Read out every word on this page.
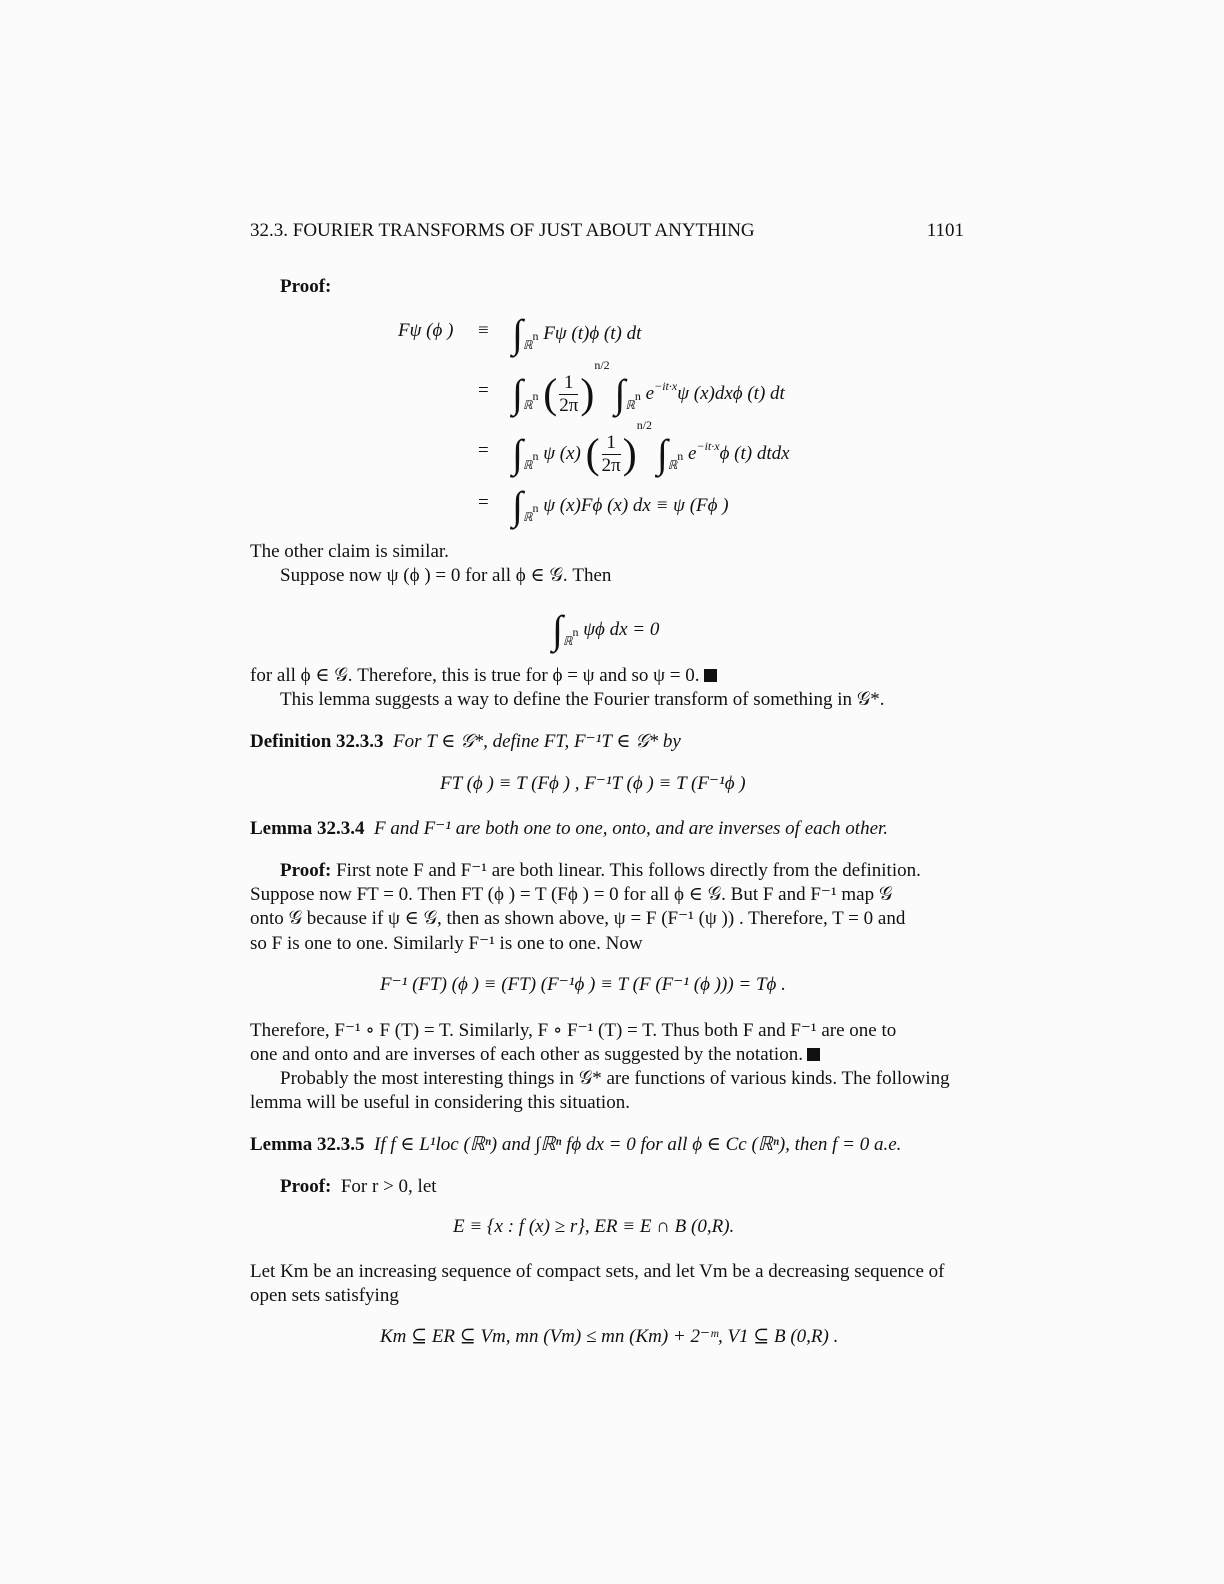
32.3. FOURIER TRANSFORMS OF JUST ABOUT ANYTHING	1101
Proof:
Fψ (ϕ ) ≡ $\int_{ℝn}$ Fψ (t)ϕ (t) dt
= $\int_{ℝn}$ ( $\frac{1}{2\pi} )^{n/2}$ $\int_{ℝn}$ $e^{-it\cdot x}\psi$ (x)dxϕ (t) dt
= $\int_{ℝn}$ ψ (x) ( $\frac{1}{2\pi} )^{n/2}$ $\int_{ℝn}$ $e^{-it\cdot x}\phi$ (t) dtdx
= $\int_{ℝn}$ ψ (x)Fϕ (x) dx ≡ ψ (Fϕ )
The other claim is similar.
Suppose now ψ (ϕ ) = 0 for all ϕ ∈ 𝒢. Then
$\int_{ℝn}$ ψϕ dx = 0
for all ϕ ∈ 𝒢. Therefore, this is true for ϕ = ψ and so ψ = 0.
This lemma suggests a way to define the Fourier transform of something in 𝒢*.
Definition 32.3.3 For T ∈ 𝒢*, define FT, F⁻¹T ∈ 𝒢* by
FT (ϕ ) ≡ T (Fϕ ) , F⁻¹T (ϕ ) ≡ T (F⁻¹ϕ )
Lemma 32.3.4 F and F⁻¹ are both one to one, onto, and are inverses of each other.
Proof: First note F and F⁻¹ are both linear. This follows directly from the definition.
Suppose now FT = 0. Then FT (ϕ ) = T (Fϕ ) = 0 for all ϕ ∈ 𝒢. But F and F⁻¹ map 𝒢
onto 𝒢 because if ψ ∈ 𝒢, then as shown above, ψ = F (F⁻¹ (ψ )) . Therefore, T = 0 and
so F is one to one. Similarly F⁻¹ is one to one. Now
F⁻¹ (FT) (ϕ ) ≡ (FT) (F⁻¹ϕ ) ≡ T (F (F⁻¹ (ϕ ))) = Tϕ .
Therefore, F⁻¹ ∘ F (T) = T. Similarly, F ∘ F⁻¹ (T) = T. Thus both F and F⁻¹ are one to
one and onto and are inverses of each other as suggested by the notation.
Probably the most interesting things in 𝒢* are functions of various kinds. The following
lemma will be useful in considering this situation.
Lemma 32.3.5 If f ∈ L¹loc (ℝⁿ) and ∫ℝⁿ fϕ dx = 0 for all ϕ ∈ Cc (ℝⁿ), then f = 0 a.e.
Proof: For r > 0, let
E ≡ {x : f (x) ≥ r}, ER ≡ E ∩ B (0,R).
Let Km be an increasing sequence of compact sets, and let Vm be a decreasing sequence of
open sets satisfying
Km ⊆ ER ⊆ Vm, mn (Vm) ≤ mn (Km) + 2⁻ᵐ, V1 ⊆ B (0,R) .
